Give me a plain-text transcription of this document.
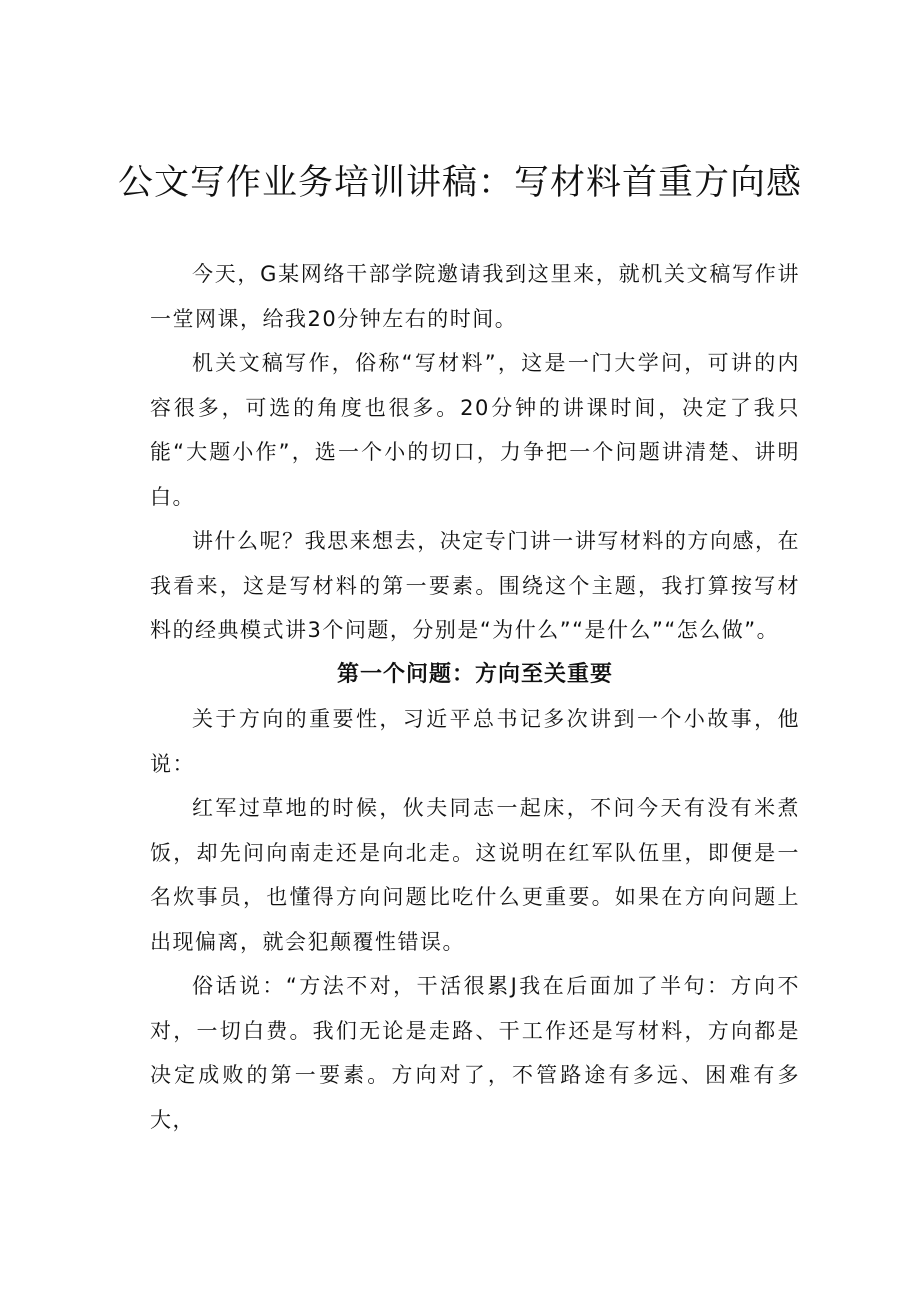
公文写作业务培训讲稿：写材料首重方向感

今天，G某网络干部学院邀请我到这里来，就机关文稿写作讲一堂网课，给我20分钟左右的时间。

机关文稿写作，俗称“写材料”，这是一门大学问，可讲的内容很多，可选的角度也很多。20分钟的讲课时间，决定了我只能“大题小作”，选一个小的切口，力争把一个问题讲清楚、讲明白。

讲什么呢？我思来想去，决定专门讲一讲写材料的方向感，在我看来，这是写材料的第一要素。围绕这个主题，我打算按写材料的经典模式讲3个问题，分别是“为什么”“是什么”“怎么做”。

第一个问题：方向至关重要

关于方向的重要性，习近平总书记多次讲到一个小故事，他说：

红军过草地的时候，伙夫同志一起床，不问今天有没有米煮饭，却先问向南走还是向北走。这说明在红军队伍里，即便是一名炊事员，也懂得方向问题比吃什么更重要。如果在方向问题上出现偏离，就会犯颠覆性错误。

俗话说：“方法不对，干活很累J我在后面加了半句：方向不对，一切白费。我们无论是走路、干工作还是写材料，方向都是决定成败的第一要素。方向对了，不管路途有多远、困难有多大，
